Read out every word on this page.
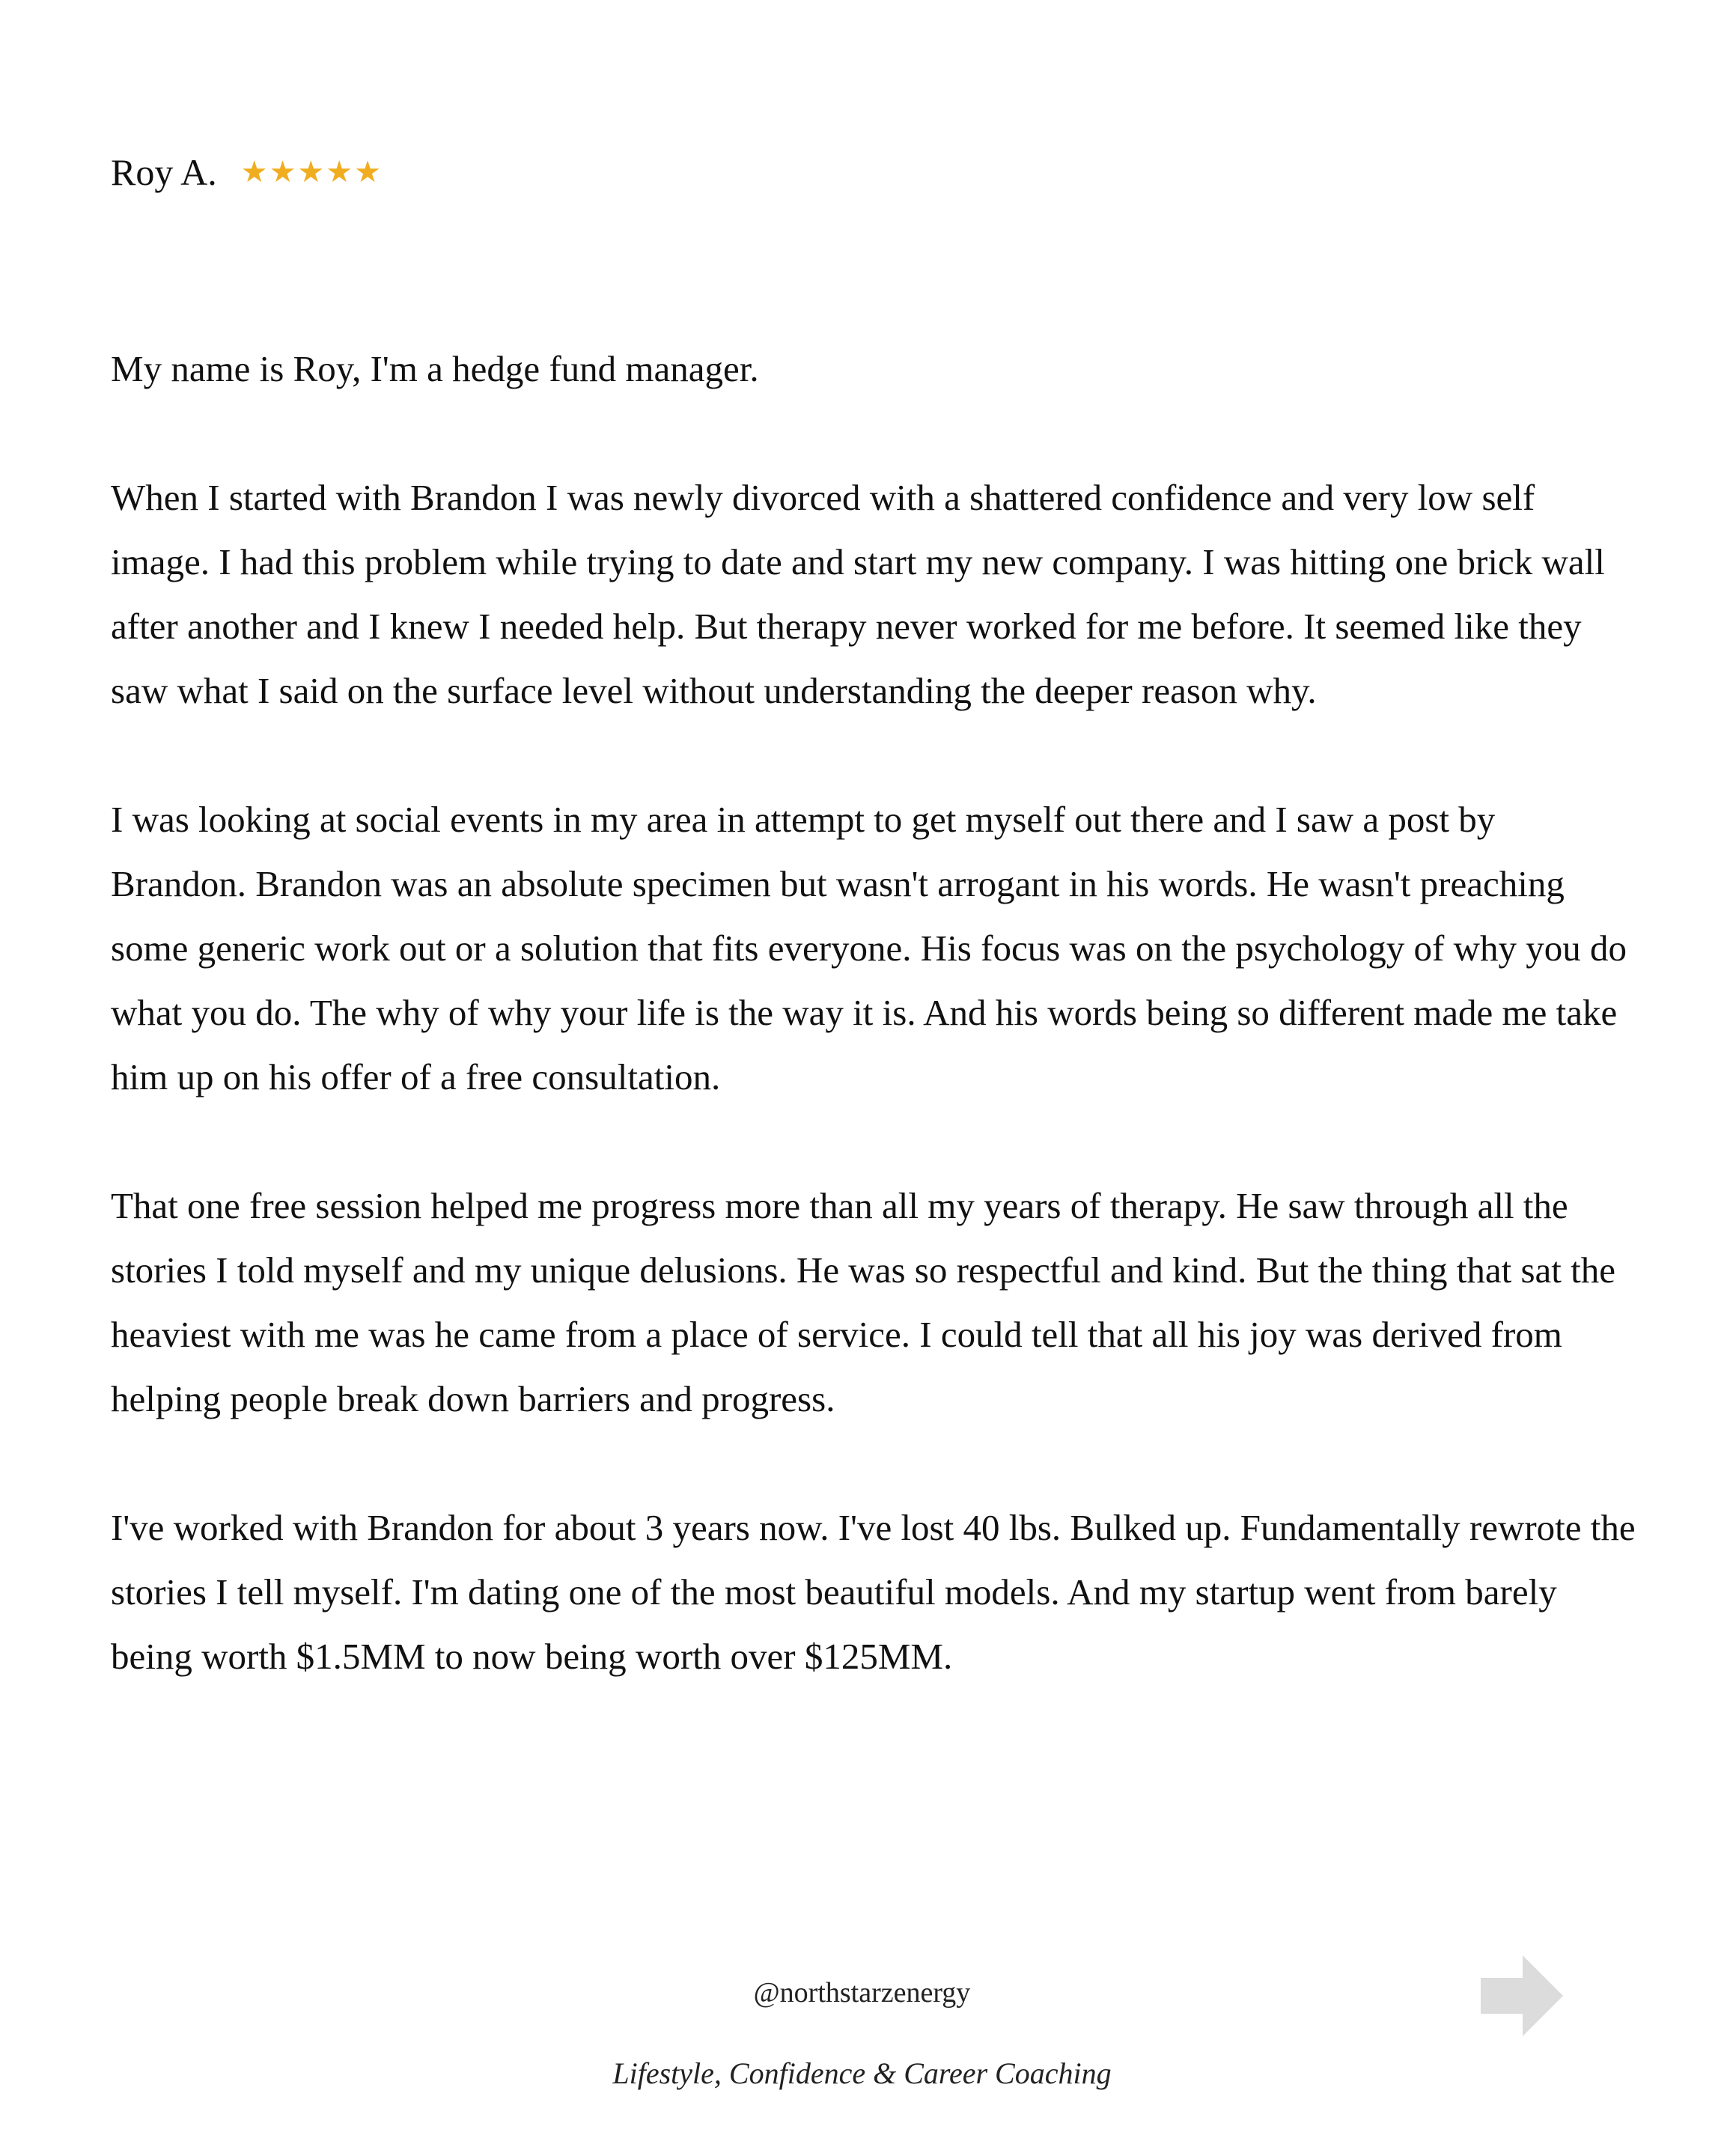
Roy A. ★ ★ ★ ★ ★

My name is Roy, I'm a hedge fund manager.

When I started with Brandon I was newly divorced with a shattered confidence and very low self image. I had this problem while trying to date and start my new company. I was hitting one brick wall after another and I knew I needed help. But therapy never worked for me before. It seemed like they saw what I said on the surface level without understanding the deeper reason why.

I was looking at social events in my area in attempt to get myself out there and I saw a post by Brandon. Brandon was an absolute specimen but wasn't arrogant in his words. He wasn't preaching some generic work out or a solution that fits everyone. His focus was on the psychology of why you do what you do. The why of why your life is the way it is. And his words being so different made me take him up on his offer of a free consultation.

That one free session helped me progress more than all my years of therapy. He saw through all the stories I told myself and my unique delusions. He was so respectful and kind. But the thing that sat the heaviest with me was he came from a place of service. I could tell that all his joy was derived from helping people break down barriers and progress.

I've worked with Brandon for about 3 years now. I've lost 40 lbs. Bulked up. Fundamentally rewrote the stories I tell myself. I'm dating one of the most beautiful models. And my startup went from barely being worth $1.5MM to now being worth over $125MM.

@northstarzenergy
Lifestyle, Confidence & Career Coaching
